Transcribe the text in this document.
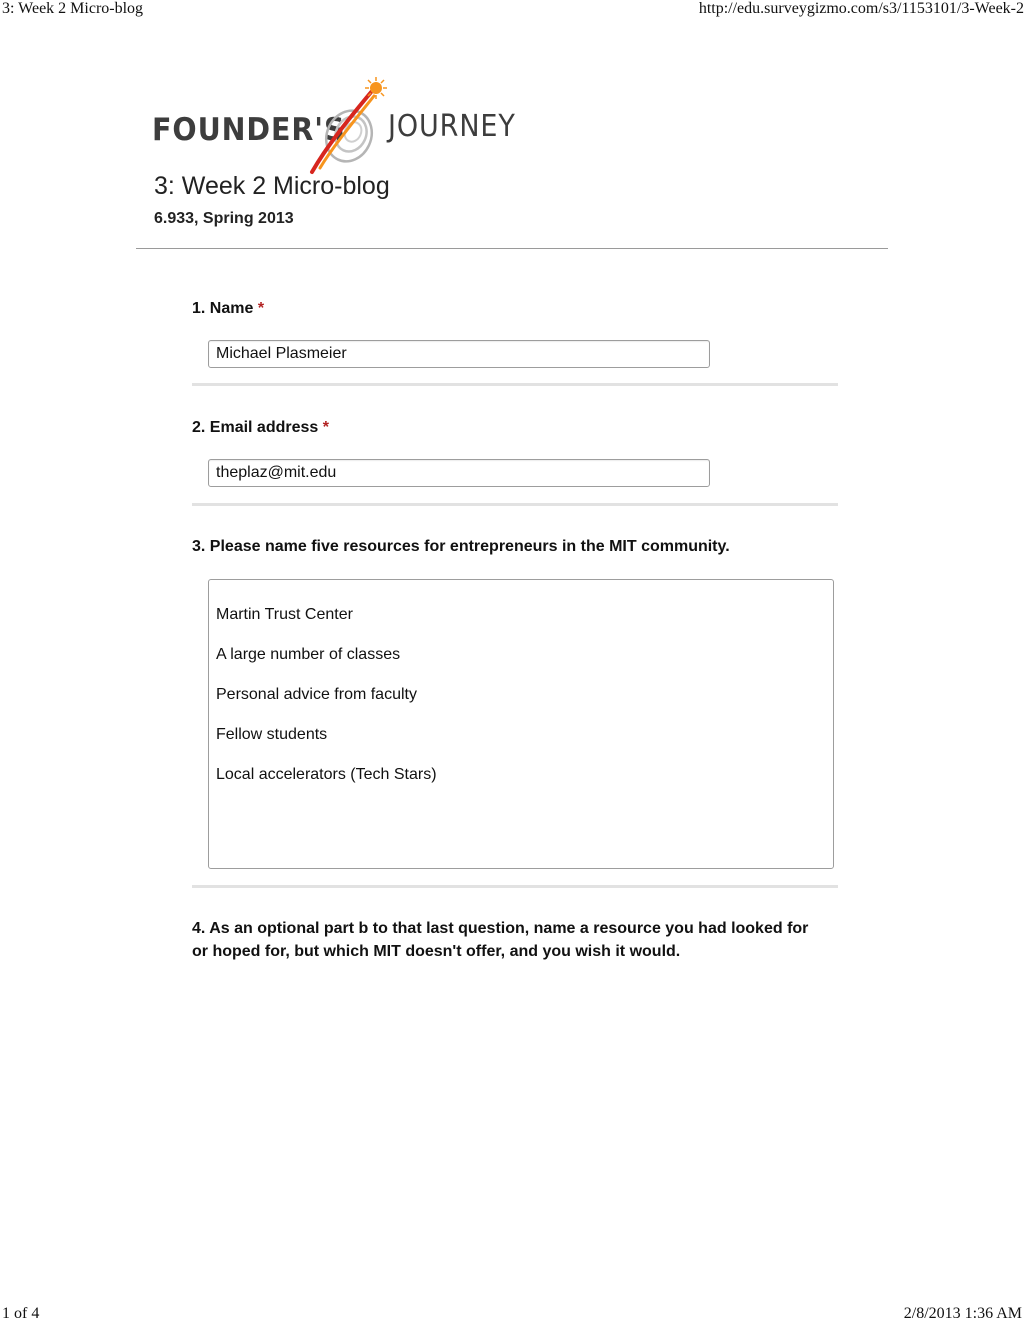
3: Week 2 Micro-blog	http://edu.surveygizmo.com/s3/1153101/3-Week-2
FOUNDER'S JOURNEY
3: Week 2 Micro-blog
6.933, Spring 2013
1. Name *
Michael Plasmeier
2. Email address *
theplaz@mit.edu
3. Please name five resources for entrepreneurs in the MIT community.

Martin Trust Center

A large number of classes

Personal advice from faculty

Fellow students

Local accelerators (Tech Stars)

4. As an optional part b to that last question, name a resource you had looked for
or hoped for, but which MIT doesn't offer, and you wish it would.
1 of 4	2/8/2013 1:36 AM
